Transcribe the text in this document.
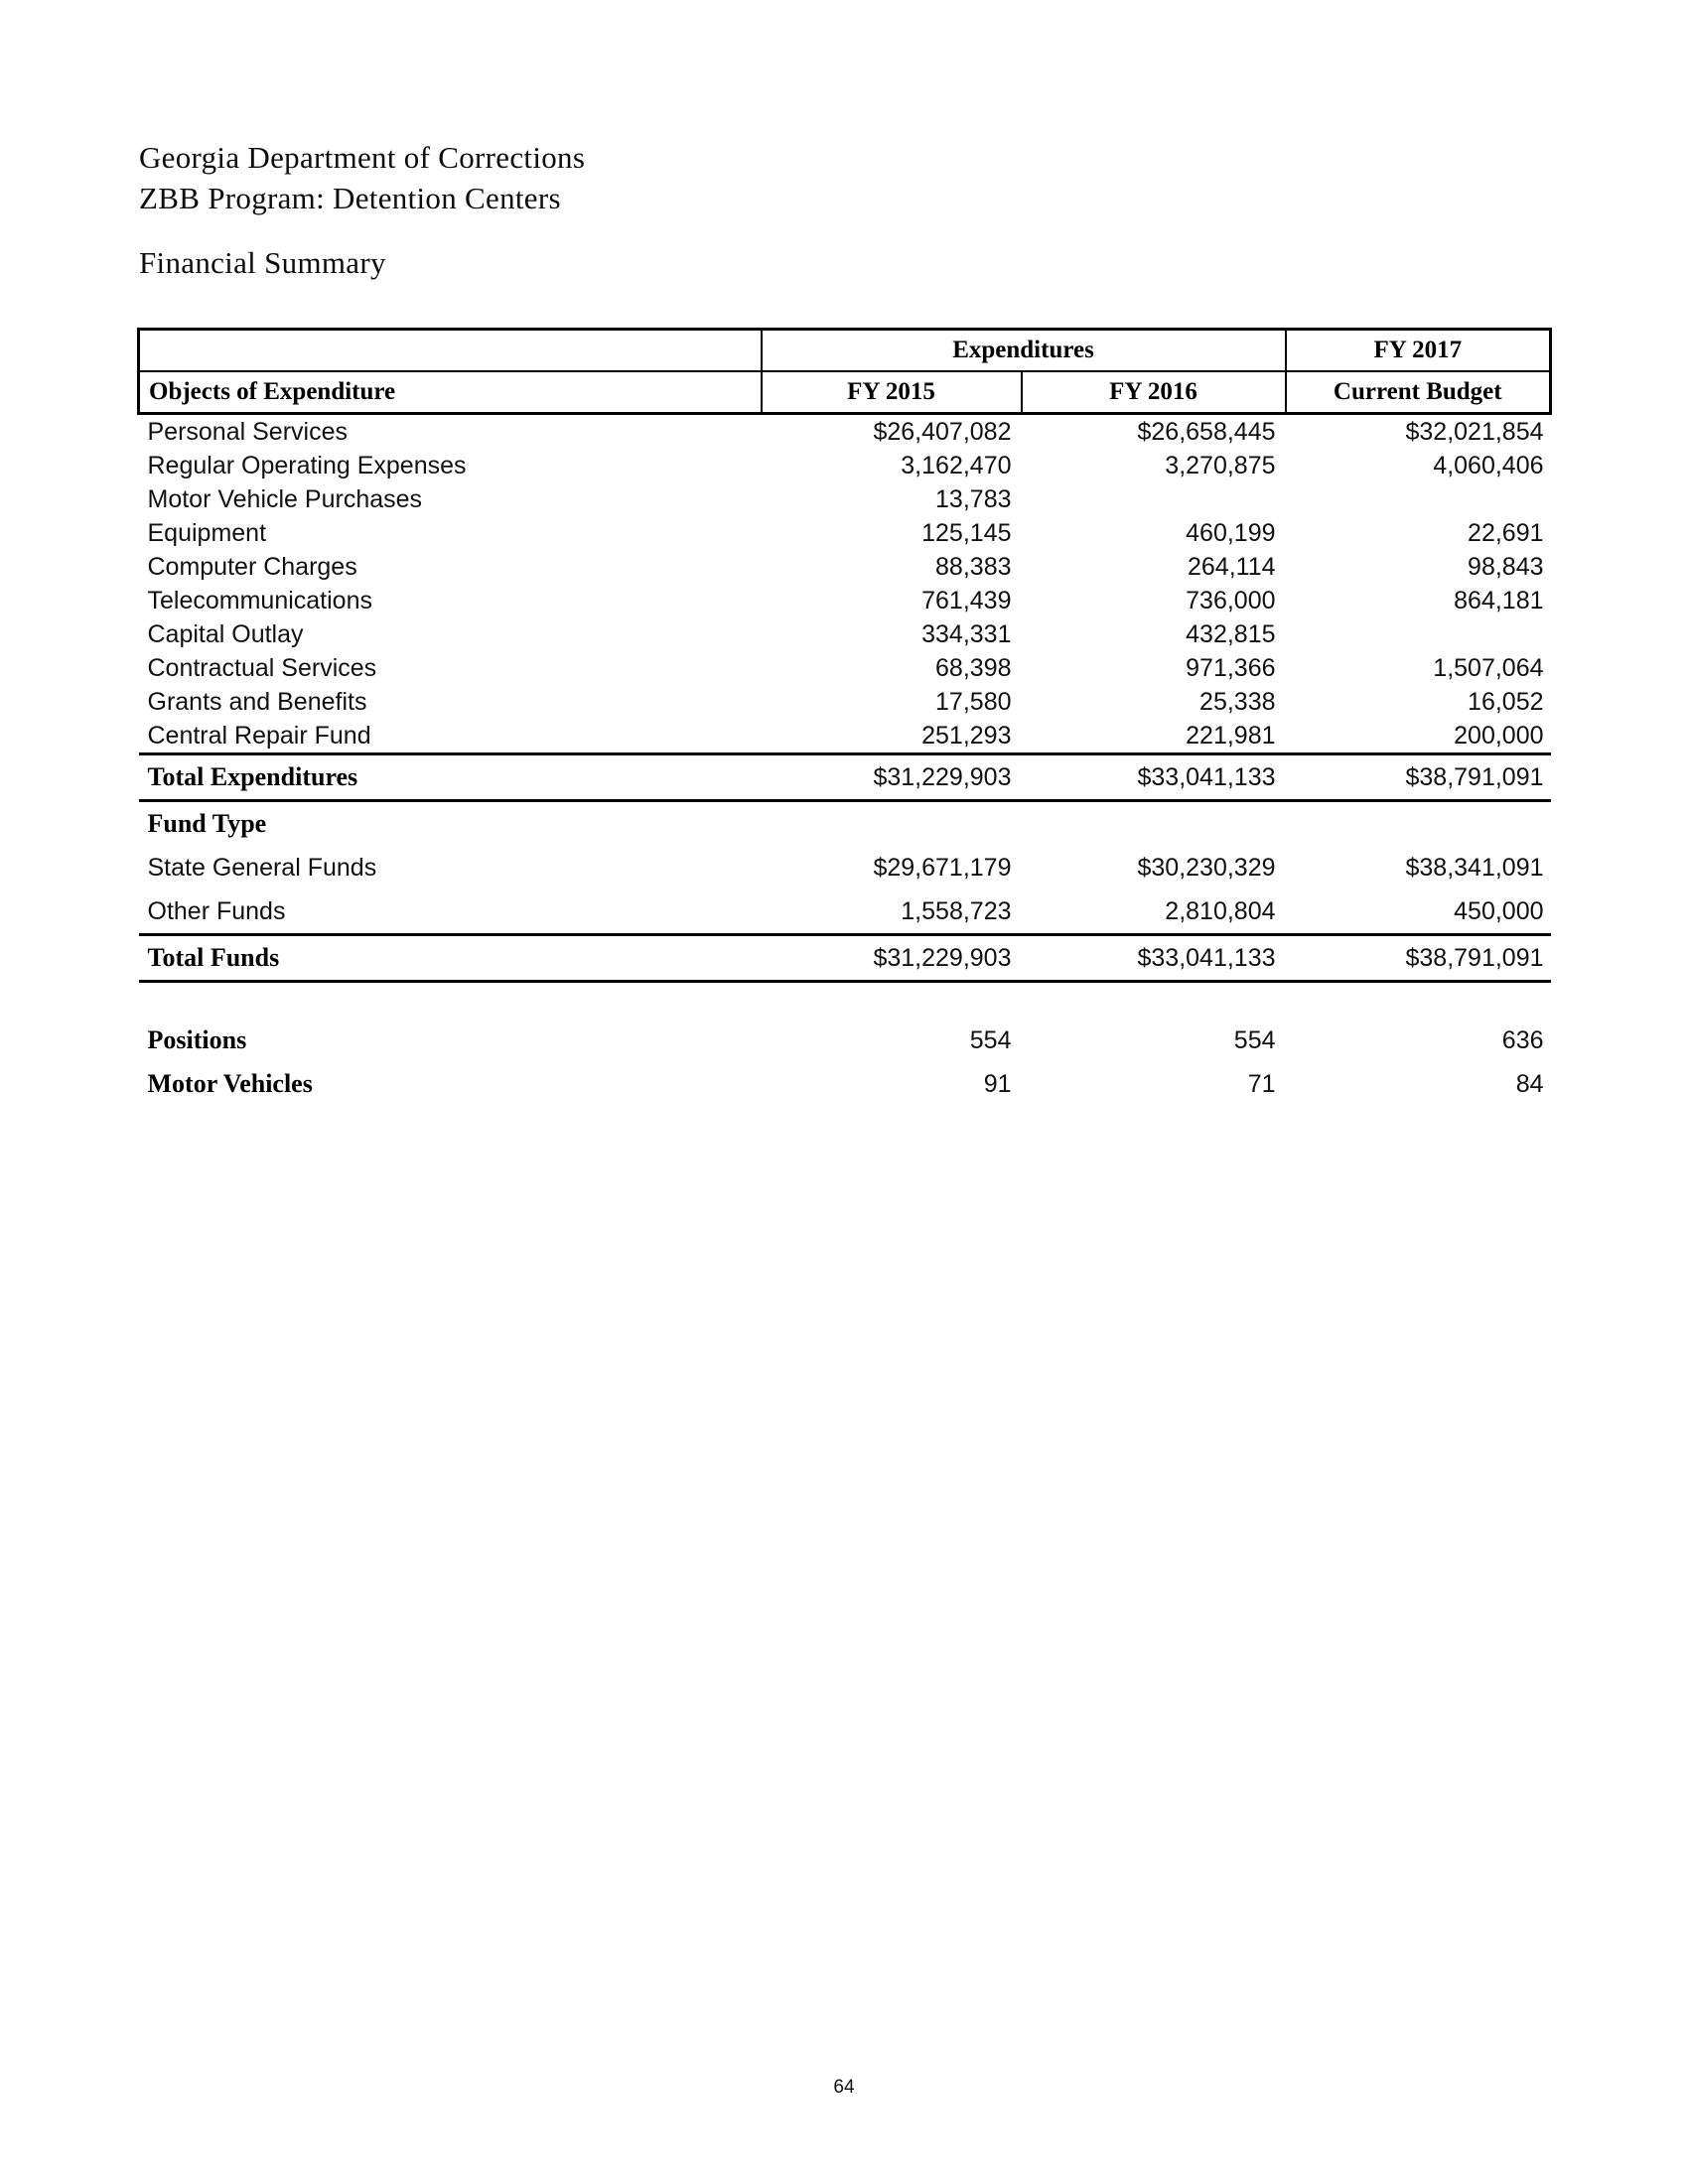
Georgia Department of Corrections
ZBB Program: Detention Centers
Financial Summary
	Expenditures		FY 2017
Objects of Expenditure	FY 2015	FY 2016	Current Budget
Personal Services	$26,407,082	$26,658,445	$32,021,854
Regular Operating Expenses	3,162,470	3,270,875	4,060,406
Motor Vehicle Purchases	13,783		
Equipment	125,145	460,199	22,691
Computer Charges	88,383	264,114	98,843
Telecommunications	761,439	736,000	864,181
Capital Outlay	334,331	432,815	
Contractual Services	68,398	971,366	1,507,064
Grants and Benefits	17,580	25,338	16,052
Central Repair Fund	251,293	221,981	200,000
Total Expenditures	$31,229,903	$33,041,133	$38,791,091
Fund Type			
State General Funds	$29,671,179	$30,230,329	$38,341,091
Other Funds	1,558,723	2,810,804	450,000
Total Funds	$31,229,903	$33,041,133	$38,791,091

Positions	554	554	636
Motor Vehicles	91	71	84
64
